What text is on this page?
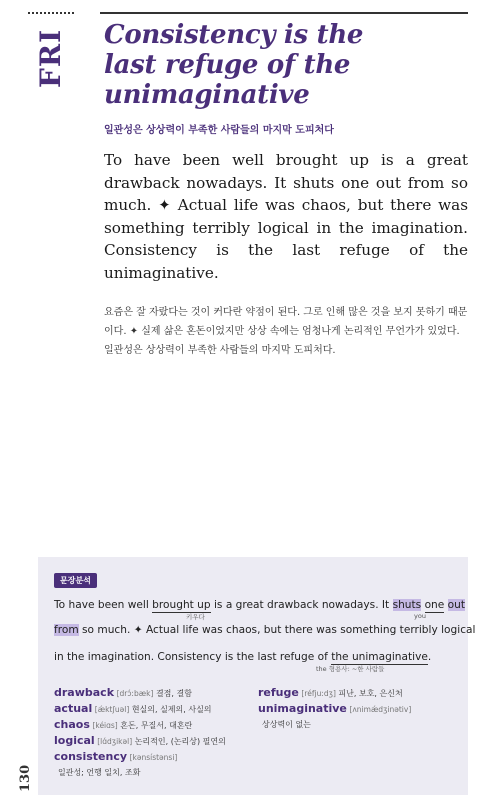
FRI Consistency is the
last refuge of the
unimaginative
일관성은 상상력이 부족한 사람들의 마지막 도피처다
To have been well brought up is a great drawback nowadays. It shuts one out from so much. ✦ Actual life was chaos, but there was something terribly logical in the imagination. Consistency is the last refuge of the unimaginative.
요즘은 잘 자랐다는 것이 커다란 약점이 된다. 그로 인해 많은 것을 보지 못하기 때문이다. ✦ 실제 삶은 혼돈이었지만 상상 속에는 엄청나게 논리적인 무언가가 있었다. 일관성은 상상력이 부족한 사람들의 마지막 도피처다.
문장분석
To have been well brought up is a great drawback nowadays. It shuts one out
키우다	you
from so much. ✦ Actual life was chaos, but there was something terribly logical
in the imagination. Consistency is the last refuge of the unimaginative.
the 형용사: ~한 사람들
drawback [drɔ́ːbæk] 결점, 결함
actual [ǽktʃuəl] 현실의, 실제의, 사실의
chaos [kéiɑs] 혼돈, 무질서, 대혼란
logical [lɑ́dʒikəl] 논리적인, (논리상) 필연의
consistency [kənsístənsi]
일관성; 언행 일치, 조화
refuge [réfjuːdʒ] 피난, 보호, 은신처
unimaginative [ʌnimǽdʒinətiv]
상상력이 없는
130
